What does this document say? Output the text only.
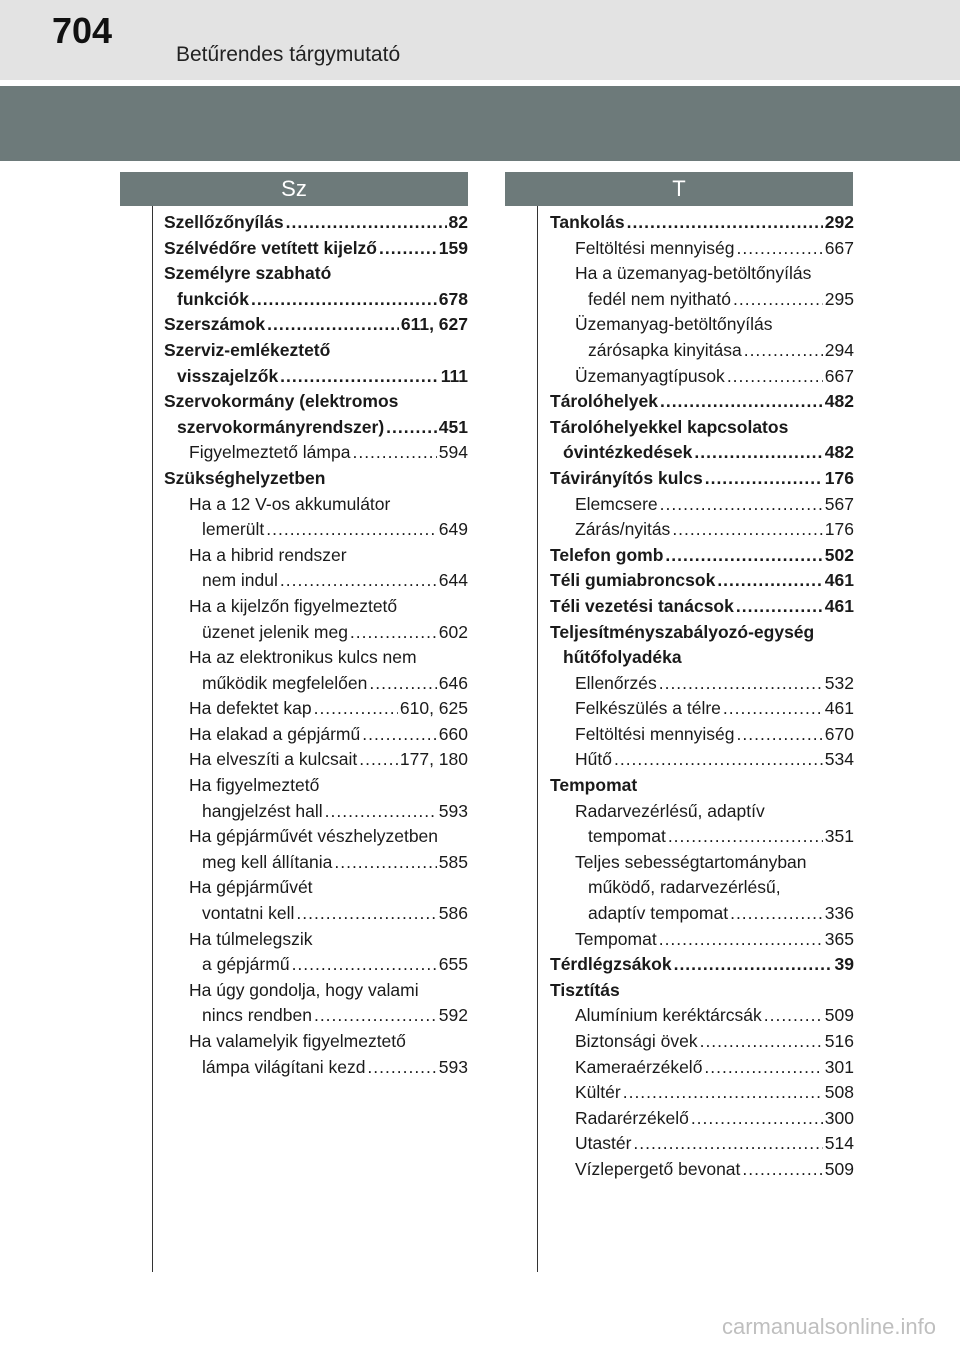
704
Betűrendes tárgymutató
Sz	T
Szellőzőnyílás .....	82
Szélvédőre vetített kijelző .....	159
Személyre szabható
funkciók .....	678
Szerszámok .....	611, 627
Szerviz-emlékeztető
visszajelzők .....	111
Szervokormány (elektromos
szervokormányrendszer) .....	451
Figyelmeztető lámpa .....	594
Szükséghelyzetben
Ha a 12 V-os akkumulátor
lemerült .....	649
Ha a hibrid rendszer
nem indul .....	644
Ha a kijelzőn figyelmeztető
üzenet jelenik meg .....	602
Ha az elektronikus kulcs nem
működik megfelelően .....	646
Ha defektet kap .....	610, 625
Ha elakad a gépjármű .....	660
Ha elveszíti a kulcsait ..... 177, 180
Ha figyelmeztető
hangjelzést hall .....	593
Ha gépjárművét vészhelyzetben
meg kell állítania .....	585
Ha gépjárművét
vontatni kell .....	586
Ha túlmelegszik
a gépjármű .....	655
Ha úgy gondolja, hogy valami
nincs rendben .....	592
Ha valamelyik figyelmeztető
lámpa világítani kezd .....	593
Tankolás .....	292
Feltöltési mennyiség .....	667
Ha a üzemanyag-betöltőnyílás
fedél nem nyitható .....	295
Üzemanyag-betöltőnyílás
zárósapka kinyitása .....	294
Üzemanyagtípusok .....	667
Tárolóhelyek .....	482
Tárolóhelyekkel kapcsolatos
óvintézkedések .....	482
Távirányítós kulcs .....	176
Elemcsere .....	567
Zárás/nyitás .....	176
Telefon gomb .....	502
Téli gumiabroncsok .....	461
Téli vezetési tanácsok .....	461
Teljesítményszabályozó-egység
hűtőfolyadéka
Ellenőrzés .....	532
Felkészülés a télre .....	461
Feltöltési mennyiség .....	670
Hűtő .....	534
Tempomat
Radarvezérlésű, adaptív
tempomat .....	351
Teljes sebességtartományban
működő, radarvezérlésű,
adaptív tempomat .....	336
Tempomat .....	365
Térdlégzsákok .....	39
Tisztítás
Alumínium keréktárcsák .....	509
Biztonsági övek .....	516
Kameraérzékelő .....	301
Kültér .....	508
Radarérzékelő .....	300
Utastér .....	514
Vízlepergető bevonat .....	509
carmanualsonline.info
